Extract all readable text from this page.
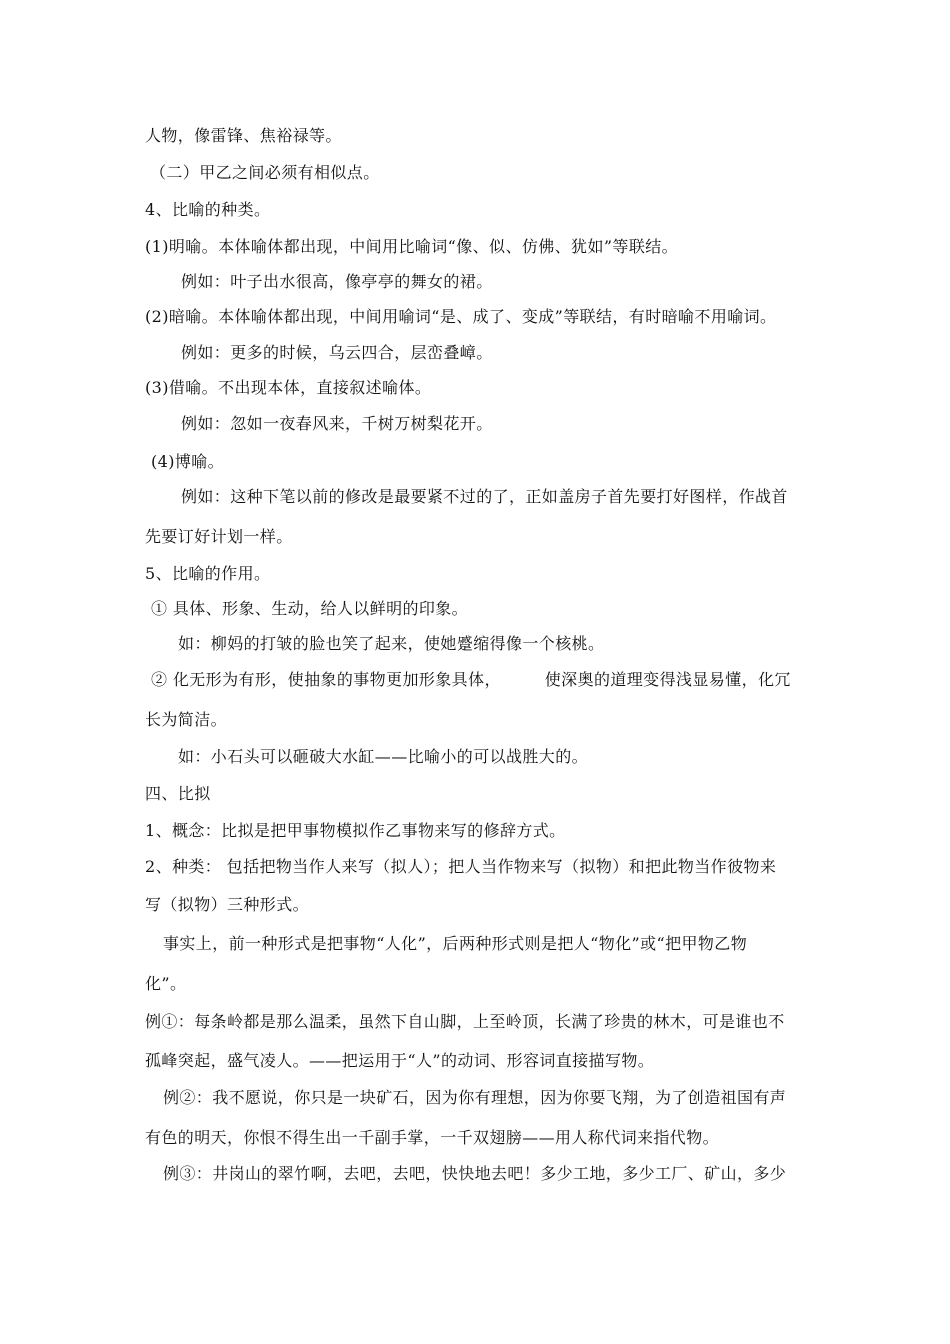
人物，像雷锋、焦裕禄等。
（二）甲乙之间必须有相似点。
4、比喻的种类。
(1)明喻。本体喻体都出现，中间用比喻词“像、似、仿佛、犹如”等联结。
例如：叶子出水很高，像亭亭的舞女的裙。
(2)暗喻。本体喻体都出现，中间用喻词“是、成了、变成”等联结，有时暗喻不用喻词。
例如：更多的时候，乌云四合，层峦叠嶂。
(3)借喻。不出现本体，直接叙述喻体。
例如：忽如一夜春风来，千树万树梨花开。
(4)博喻。
例如：这种下笔以前的修改是最要紧不过的了，正如盖房子首先要打好图样，作战首
先要订好计划一样。
5、比喻的作用。
① 具体、形象、生动，给人以鲜明的印象。
如：柳妈的打皱的脸也笑了起来，使她蹙缩得像一个核桃。
② 化无形为有形，使抽象的事物更加形象具体，        使深奥的道理变得浅显易懂，化冗
长为简洁。
如：小石头可以砸破大水缸——比喻小的可以战胜大的。
四、比拟
1、概念：比拟是把甲事物模拟作乙事物来写的修辞方式。
2、种类： 包括把物当作人来写（拟人）；把人当作物来写（拟物）和把此物当作彼物来
写（拟物）三种形式。
事实上，前一种形式是把事物“人化”，后两种形式则是把人“物化”或“把甲物乙物
化”。
例①：每条岭都是那么温柔，虽然下自山脚，上至岭顶，长满了珍贵的林木，可是谁也不
孤峰突起，盛气凌人。——把运用于“人”的动词、形容词直接描写物。
例②：我不愿说，你只是一块矿石，因为你有理想，因为你要飞翔，为了创造祖国有声
有色的明天，你恨不得生出一千副手掌，一千双翅膀——用人称代词来指代物。
例③：井岗山的翠竹啊，去吧，去吧，快快地去吧！多少工地，多少工厂、矿山，多少
